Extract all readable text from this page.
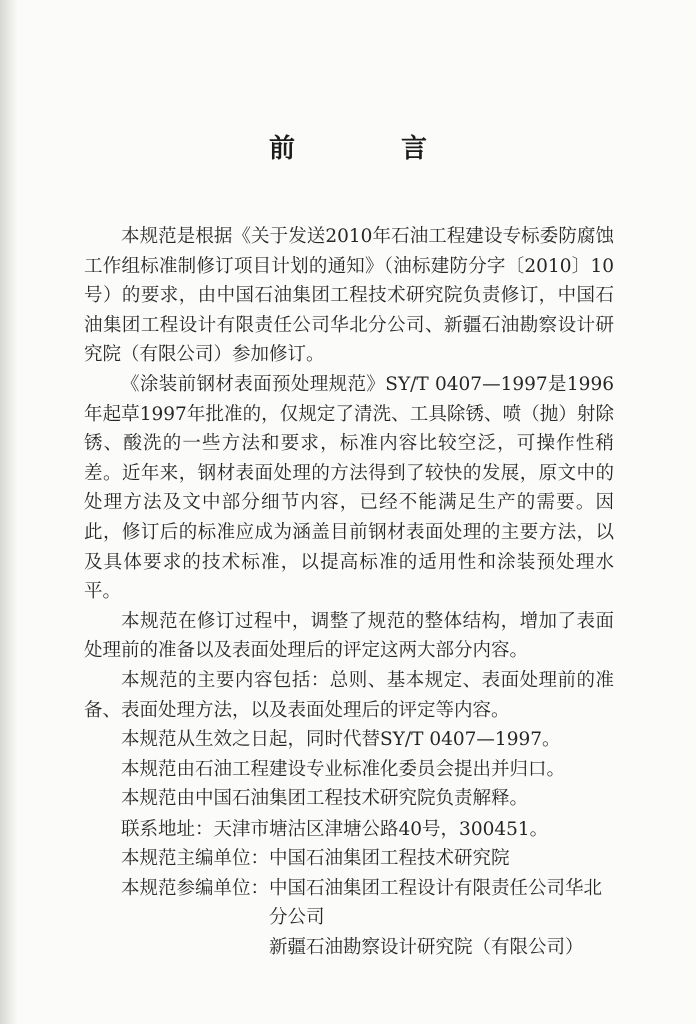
前　言

本规范是根据《关于发送2010年石油工程建设专标委防腐蚀工作组标准制修订项目计划的通知》（油标建防分字〔2010〕10号）的要求，由中国石油集团工程技术研究院负责修订，中国石油集团工程设计有限责任公司华北分公司、新疆石油勘察设计研究院（有限公司）参加修订。

《涂装前钢材表面预处理规范》SY/T 0407—1997是1996年起草1997年批准的，仅规定了清洗、工具除锈、喷（抛）射除锈、酸洗的一些方法和要求，标准内容比较空泛，可操作性稍差。近年来，钢材表面处理的方法得到了较快的发展，原文中的处理方法及文中部分细节内容，已经不能满足生产的需要。因此，修订后的标准应成为涵盖目前钢材表面处理的主要方法，以及具体要求的技术标准，以提高标准的适用性和涂装预处理水平。

本规范在修订过程中，调整了规范的整体结构，增加了表面处理前的准备以及表面处理后的评定这两大部分内容。

本规范的主要内容包括：总则、基本规定、表面处理前的准备、表面处理方法，以及表面处理后的评定等内容。

本规范从生效之日起，同时代替SY/T 0407—1997。

本规范由石油工程建设专业标准化委员会提出并归口。

本规范由中国石油集团工程技术研究院负责解释。

联系地址： 天津市塘沽区津塘公路40号，300451。
本规范主编单位： 中国石油集团工程技术研究院
本规范参编单位： 中国石油集团工程设计有限责任公司华北分公司
新疆石油勘察设计研究院（有限公司）
